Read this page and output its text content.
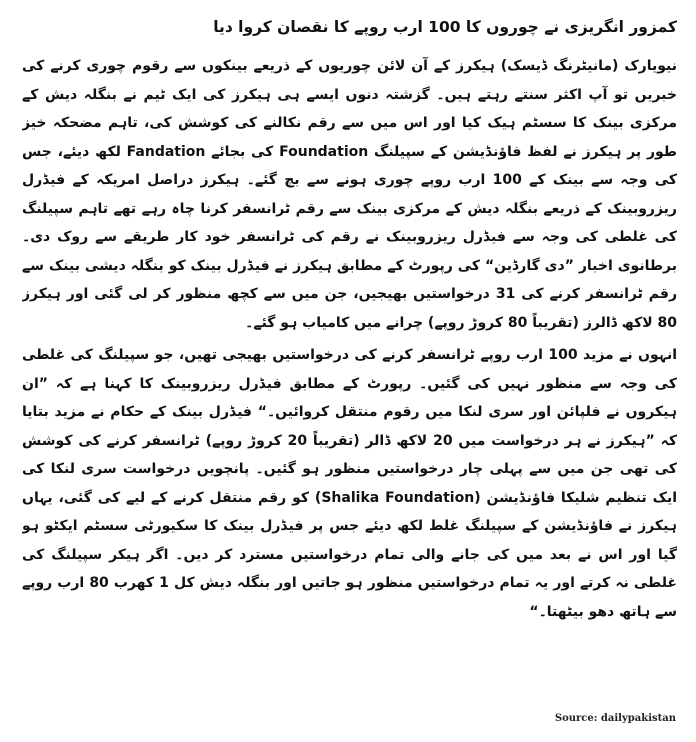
کمزور انگریزی نے چوروں کا 100 ارب روپے کا نقصان کروا دیا

نیویارک (مانیٹرنگ ڈیسک) ہیکرز کے آن لائن چوریوں کے ذریعے بینکوں سے رقوم چوری کرنے کی خبریں تو آپ اکثر سنتے رہتے ہیں۔ گزشتہ دنوں ایسے ہی ہیکرز کی ایک ٹیم نے بنگلہ دیش کے مرکزی بینک کا سسٹم ہیک کیا اور اس میں سے رقم نکالنے کی کوشش کی، تاہم مضحکہ خیز طور پر ہیکرز نے لفظ فاؤنڈیشن کے سپیلنگ Foundation کی بجائے Fandation لکھ دیئے، جس کی وجہ سے بینک کے 100 ارب روپے چوری ہونے سے بچ گئے۔ ہیکرز دراصل امریکہ کے فیڈرل ریزروبینک کے ذریعے بنگلہ دیش کے مرکزی بینک سے رقم ٹرانسفر کرنا چاہ رہے تھے تاہم سپیلنگ کی غلطی کی وجہ سے فیڈرل ریزروبینک نے رقم کی ٹرانسفر خود کار طریقے سے روک دی۔ برطانوی اخبار ”دی گارڈین“ کی رپورٹ کے مطابق ہیکرز نے فیڈرل بینک کو بنگلہ دیشی بینک سے رقم ٹرانسفر کرنے کی 31 درخواستیں بھیجیں، جن میں سے کچھ منظور کر لی گئی اور ہیکرز 80 لاکھ ڈالرز (تقریباً 80 کروڑ روپے) چرانے میں کامیاب ہو گئے۔

انہوں نے مزید 100 ارب روپے ٹرانسفر کرنے کی درخواستیں بھیجی تھیں، جو سپیلنگ کی غلطی کی وجہ سے منظور نہیں کی گئیں۔ رپورٹ کے مطابق فیڈرل ریزروبینک کا کہنا ہے کہ ”ان ہیکروں نے فلپائن اور سری لنکا میں رقوم منتقل کروائیں۔“ فیڈرل بینک کے حکام نے مزید بتایا کہ ”ہیکرز نے ہر درخواست میں 20 لاکھ ڈالر (تقریباً 20 کروڑ روپے) ٹرانسفر کرنے کی کوشش کی تھی جن میں سے پہلی چار درخواستیں منظور ہو گئیں۔ پانچویں درخواست سری لنکا کی ایک تنظیم شلیکا فاؤنڈیشن (Shalika Foundation) کو رقم منتقل کرنے کے لیے کی گئی، یہاں ہیکرز نے فاؤنڈیشن کے سپیلنگ غلط لکھ دیئے جس پر فیڈرل بینک کا سکیورٹی سسٹم ایکٹو ہو گیا اور اس نے بعد میں کی جانے والی تمام درخواستیں مسترد کر دیں۔ اگر ہیکر سپیلنگ کی غلطی نہ کرتے اور یہ تمام درخواستیں منظور ہو جاتیں اور بنگلہ دیش کل 1 کھرب 80 ارب روپے سے ہاتھ دھو بیٹھتا۔“

Source: dailypakistan
